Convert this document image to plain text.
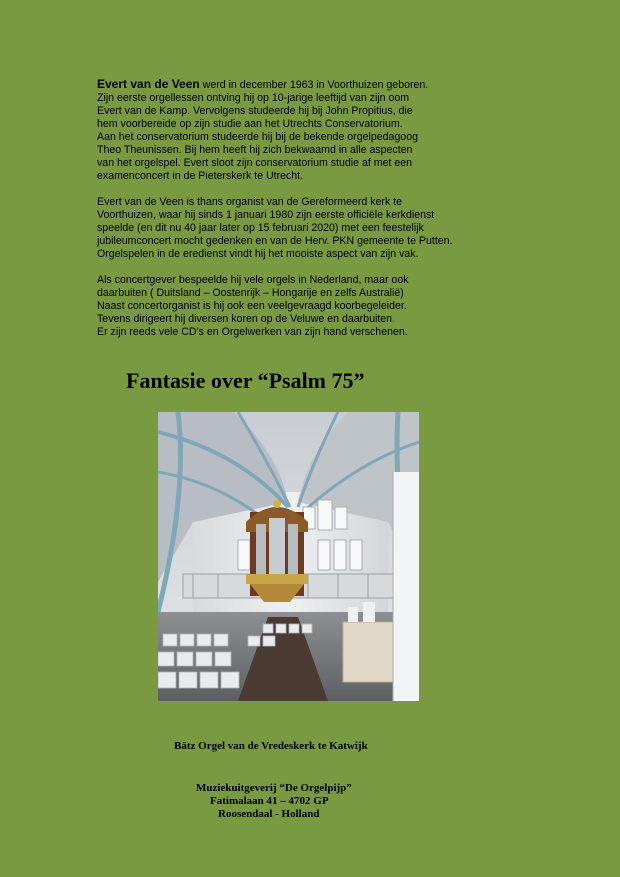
Evert van de Veen werd in december 1963 in Voorthuizen geboren.
Zijn eerste orgellessen ontving hij op 10-jarige leeftijd van zijn oom
Evert van de Kamp. Vervolgens studeerde hij bij John Propitius, die
hem voorbereide op zijn studie aan het Utrechts Conservatorium.
Aan het conservatorium studeerde hij bij de bekende orgelpedagoog
Theo Theunissen. Bij hem heeft hij zich bekwaamd in alle aspecten
van het orgelspel. Evert sloot zijn conservatorium studie af met een
examenconcert in de Pieterskerk te Utrecht.

Evert van de Veen is thans organist van de Gereformeerd kerk te
Voorthuizen, waar hij sinds 1 januari 1980 zijn eerste officiële kerkdienst
speelde (en dit nu 40 jaar later op 15 februari 2020) met een feestelijk
jubileumconcert mocht gedenken en van de Herv. PKN gemeente te Putten.
Orgelspelen in de eredienst vindt hij het mooiste aspect van zijn vak.

Als concertgever bespeelde hij vele orgels in Nederland, maar ook
daarbuiten ( Duitsland – Oostenrijk – Hongarije en zelfs Australië)
Naast concertorganist is hij ook een veelgevraagd koorbegeleider.
Tevens dirigeert hij diversen koren op de Veluwe en daarbuiten.
Er zijn reeds vele CD’s en Orgelwerken van zijn hand verschenen.

Fantasie over “Psalm 75”
Bätz Orgel van de Vredeskerk te Katwijk
Muziekuitgeverij “De Orgelpijp”
Fatimalaan 41 – 4702 GP
Roosendaal - Holland
